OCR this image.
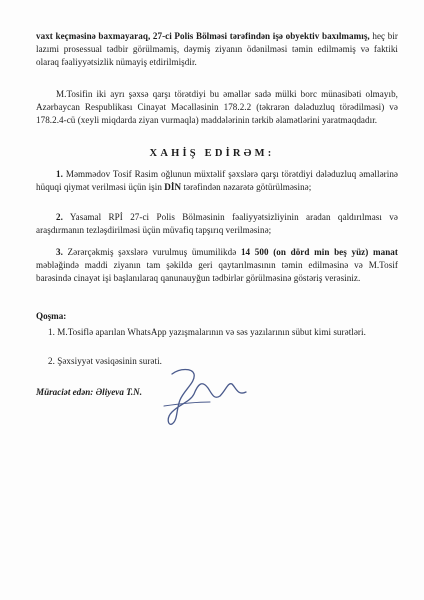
vaxt keçməsinə baxmayaraq, 27-ci Polis Bölməsi tərəfindən işə obyektiv baxılmamış, heç bir lazımi prosessual tədbir görülməmiş, dəymiş ziyanın ödənilməsi təmin edilməmiş və faktiki olaraq fəaliyyətsizlik nümayiş etdirilmişdir.

M.Tosifin iki ayrı şəxsə qarşı törətdiyi bu əməllər sadə mülki borc münasibəti olmayıb, Azərbaycan Respublikası Cinayət Məcəlləsinin 178.2.2 (təkrarən dələduzluq törədilməsi) və 178.2.4-cü (xeyli miqdarda ziyan vurmaqla) maddələrinin tərkib əlamətlərini yaratmaqdadır.

XAHİŞ EDİRƏM:

1. Məmmədov Tosif Rasim oğlunun müxtəlif şəxslərə qarşı törətdiyi dələduzluq əməllərinə hüquqi qiymət verilməsi üçün işin DİN tərəfindən nəzarətə götürülməsinə;

2. Yasamal RPİ 27-ci Polis Bölməsinin fəaliyyətsizliyinin aradan qaldırılması və araşdırmanın tezləşdirilməsi üçün müvafiq tapşırıq verilməsinə;

3. Zərərçəkmiş şəxslərə vurulmuş ümumilikdə 14 500 (on dörd min beş yüz) manat məbləğində maddi ziyanın tam şəkildə geri qaytarılmasının təmin edilməsinə və M.Tosif barəsində cinayət işi başlanılaraq qanunauyğun tədbirlər görülməsinə göstəriş verəsiniz.

Qoşma:

1. M.Tosiflə aparılan WhatsApp yazışmalarının və səs yazılarının sübut kimi surətləri.

2. Şəxsiyyət vəsiqəsinin surəti.

Müraciət edən: Əliyeva T.N.
